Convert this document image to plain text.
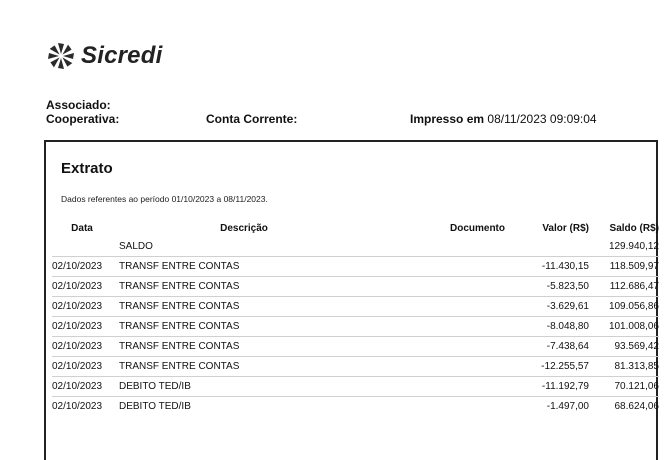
Sicredi
Associado:
Cooperativa:	Conta Corrente:	Impresso em 08/11/2023 09:09:04
Extrato
Dados referentes ao período 01/10/2023 a 08/11/2023.
Data	Descrição	Documento	Valor (R$)	Saldo (R$)
	SALDO			129.940,12
02/10/2023	TRANSF ENTRE CONTAS		-11.430,15	118.509,97
02/10/2023	TRANSF ENTRE CONTAS		-5.823,50	112.686,47
02/10/2023	TRANSF ENTRE CONTAS		-3.629,61	109.056,86
02/10/2023	TRANSF ENTRE CONTAS		-8.048,80	101.008,06
02/10/2023	TRANSF ENTRE CONTAS		-7.438,64	93.569,42
02/10/2023	TRANSF ENTRE CONTAS		-12.255,57	81.313,85
02/10/2023	DEBITO TED/IB		-11.192,79	70.121,06
02/10/2023	DEBITO TED/IB		-1.497,00	68.624,06
